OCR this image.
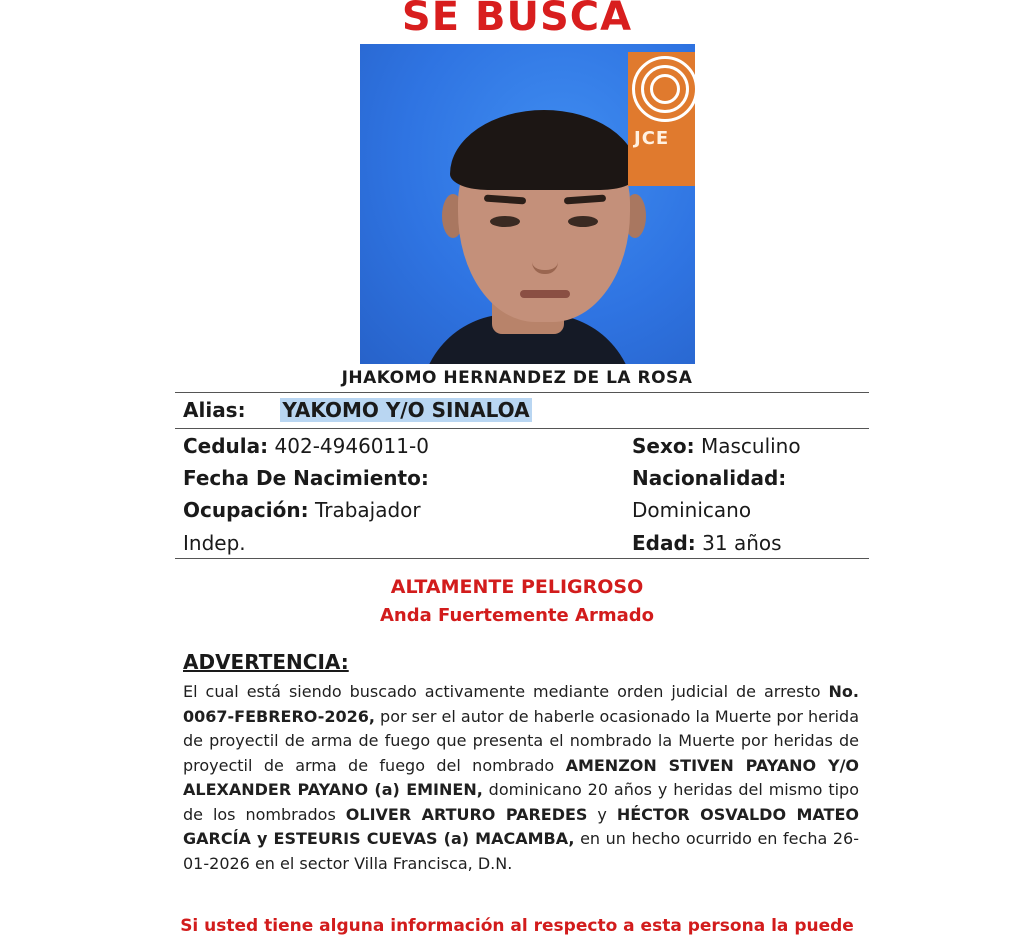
SE BUSCA
JCE
JHAKOMO HERNANDEZ DE LA ROSA
Alias: YAKOMO Y/O SINALOA
Cedula: 402-4946011-0
Fecha De Nacimiento:
Ocupación: Trabajador
Indep.
Sexo: Masculino
Nacionalidad:
Dominicano
Edad: 31 años
ALTAMENTE PELIGROSO
Anda Fuertemente Armado
ADVERTENCIA:
El cual está siendo buscado activamente mediante orden judicial de arresto No. 0067-FEBRERO-2026, por ser el autor de haberle ocasionado la Muerte por herida de proyectil de arma de fuego que presenta el nombrado la Muerte por heridas de proyectil de arma de fuego del nombrado AMENZON STIVEN PAYANO Y/O ALEXANDER PAYANO (a) EMINEN, dominicano 20 años y heridas del mismo tipo de los nombrados OLIVER ARTURO PAREDES y HÉCTOR OSVALDO MATEO GARCÍA y ESTEURIS CUEVAS (a) MACAMBA, en un hecho ocurrido en fecha 26-01-2026 en el sector Villa Francisca, D.N.
Si usted tiene alguna información al respecto a esta persona la puede
